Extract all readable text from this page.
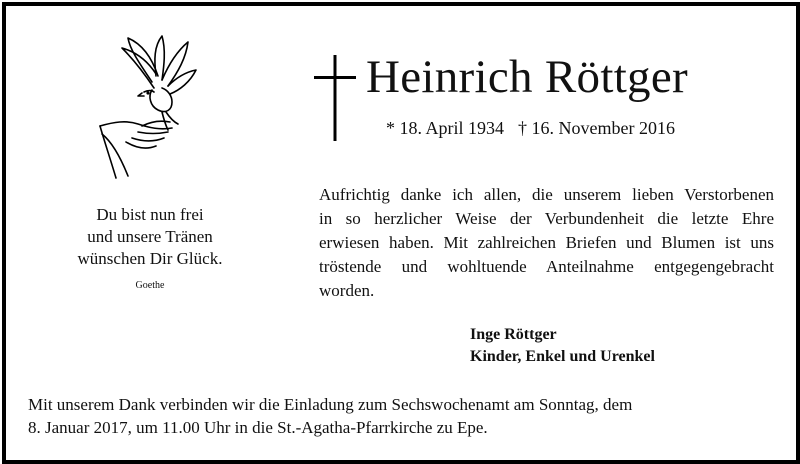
Heinrich Röttger
* 18. April 1934 † 16. November 2016
Du bist nun frei
und unsere Tränen
wünschen Dir Glück.
Goethe
Aufrichtig danke ich allen, die unserem lieben Verstorbenen
in so herzlicher Weise der Verbundenheit die letzte Ehre
erwiesen haben. Mit zahlreichen Briefen und Blumen ist uns
tröstende und wohltuende Anteilnahme entgegengebracht
worden.
Inge Röttger
Kinder, Enkel und Urenkel
Mit unserem Dank verbinden wir die Einladung zum Sechswochenamt am Sonntag, dem
8. Januar 2017, um 11.00 Uhr in die St.-Agatha-Pfarrkirche zu Epe.
